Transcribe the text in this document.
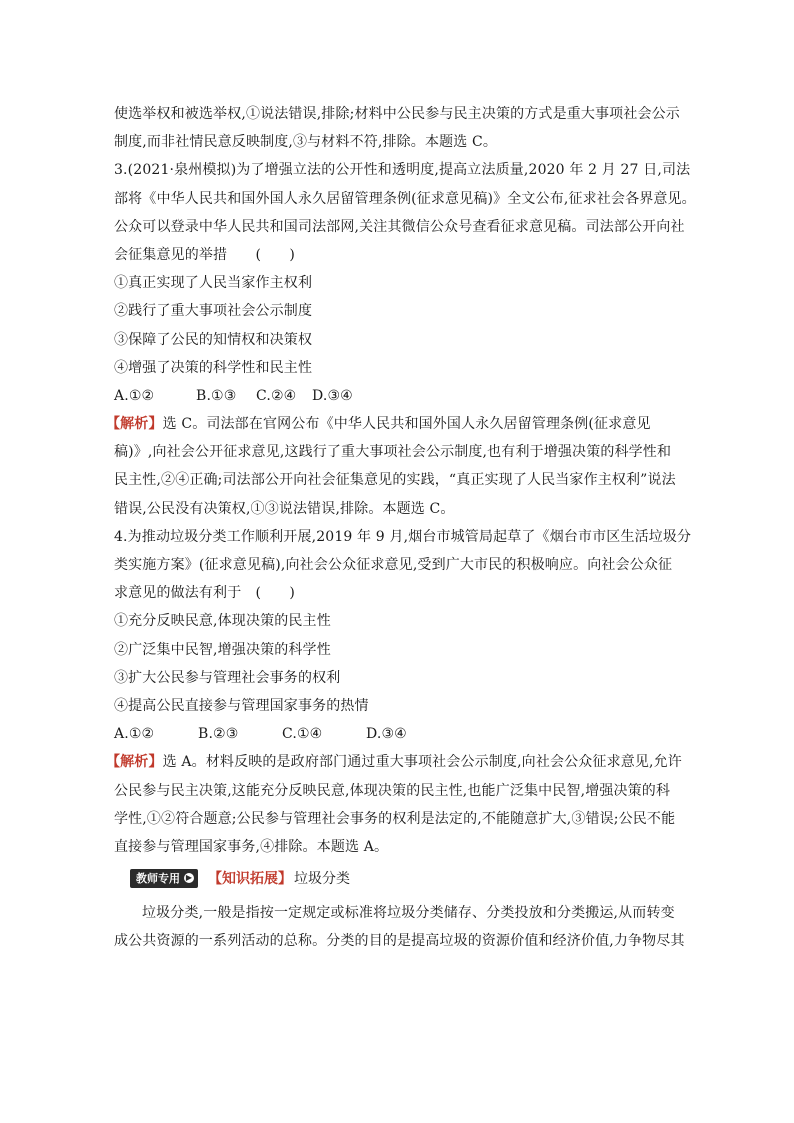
使选举权和被选举权,①说法错误,排除;材料中公民参与民主决策的方式是重大事项社会公示
制度,而非社情民意反映制度,③与材料不符,排除。本题选 C。
3.(2021·泉州模拟)为了增强立法的公开性和透明度,提高立法质量,2020 年 2 月 27 日,司法
部将《中华人民共和国外国人永久居留管理条例(征求意见稿)》全文公布,征求社会各界意见。
公众可以登录中华人民共和国司法部网,关注其微信公众号查看征求意见稿。司法部公开向社
会征集意见的举措　　(　　)
①真正实现了人民当家作主权利
②践行了重大事项社会公示制度
③保障了公民的知情权和决策权
④增强了决策的科学性和民主性
A.①②	B.①③ C.②④ D.③④
【解析】选 C。司法部在官网公布《中华人民共和国外国人永久居留管理条例(征求意见
稿)》,向社会公开征求意见,这践行了重大事项社会公示制度,也有利于增强决策的科学性和
民主性,②④正确;司法部公开向社会征集意见的实践，“真正实现了人民当家作主权利”说法
错误,公民没有决策权,①③说法错误,排除。本题选 C。
4.为推动垃圾分类工作顺利开展,2019 年 9 月,烟台市城管局起草了《烟台市市区生活垃圾分
类实施方案》(征求意见稿),向社会公众征求意见,受到广大市民的积极响应。向社会公众征
求意见的做法有利于　(　　)
①充分反映民意,体现决策的民主性
②广泛集中民智,增强决策的科学性
③扩大公民参与管理社会事务的权利
④提高公民直接参与管理国家事务的热情
A.①②	B.②③	C.①④	D.③④
【解析】选 A。材料反映的是政府部门通过重大事项社会公示制度,向社会公众征求意见,允许
公民参与民主决策,这能充分反映民意,体现决策的民主性,也能广泛集中民智,增强决策的科
学性,①②符合题意;公民参与管理社会事务的权利是法定的,不能随意扩大,③错误;公民不能
直接参与管理国家事务,④排除。本题选 A。
教师专用 ▶ 【知识拓展】 垃圾分类
垃圾分类,一般是指按一定规定或标准将垃圾分类储存、分类投放和分类搬运,从而转变
成公共资源的一系列活动的总称。分类的目的是提高垃圾的资源价值和经济价值,力争物尽其
